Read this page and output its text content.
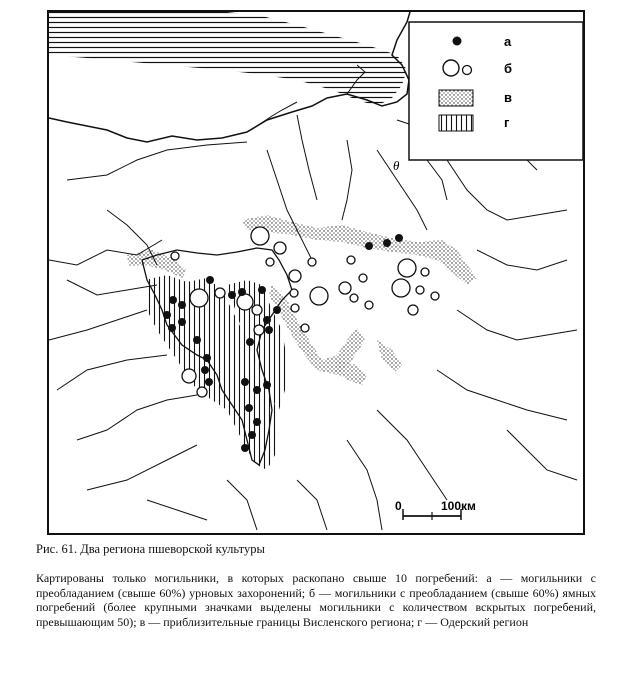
а
б
в
г
θ
0	100км

Рис. 61. Два региона пшеворской культуры

Картированы только могильники, в которых раскопано свыше 10 погребений: а — могильники с преобладанием (свыше 60%) урновых захоронений; б — могильники с преобладанием (свыше 60%) ямных погребений (более крупными значками выделены могильники с количеством вскрытых погребений, превышающим 50); в — приблизительные границы Висленского региона; г — Одерский регион
